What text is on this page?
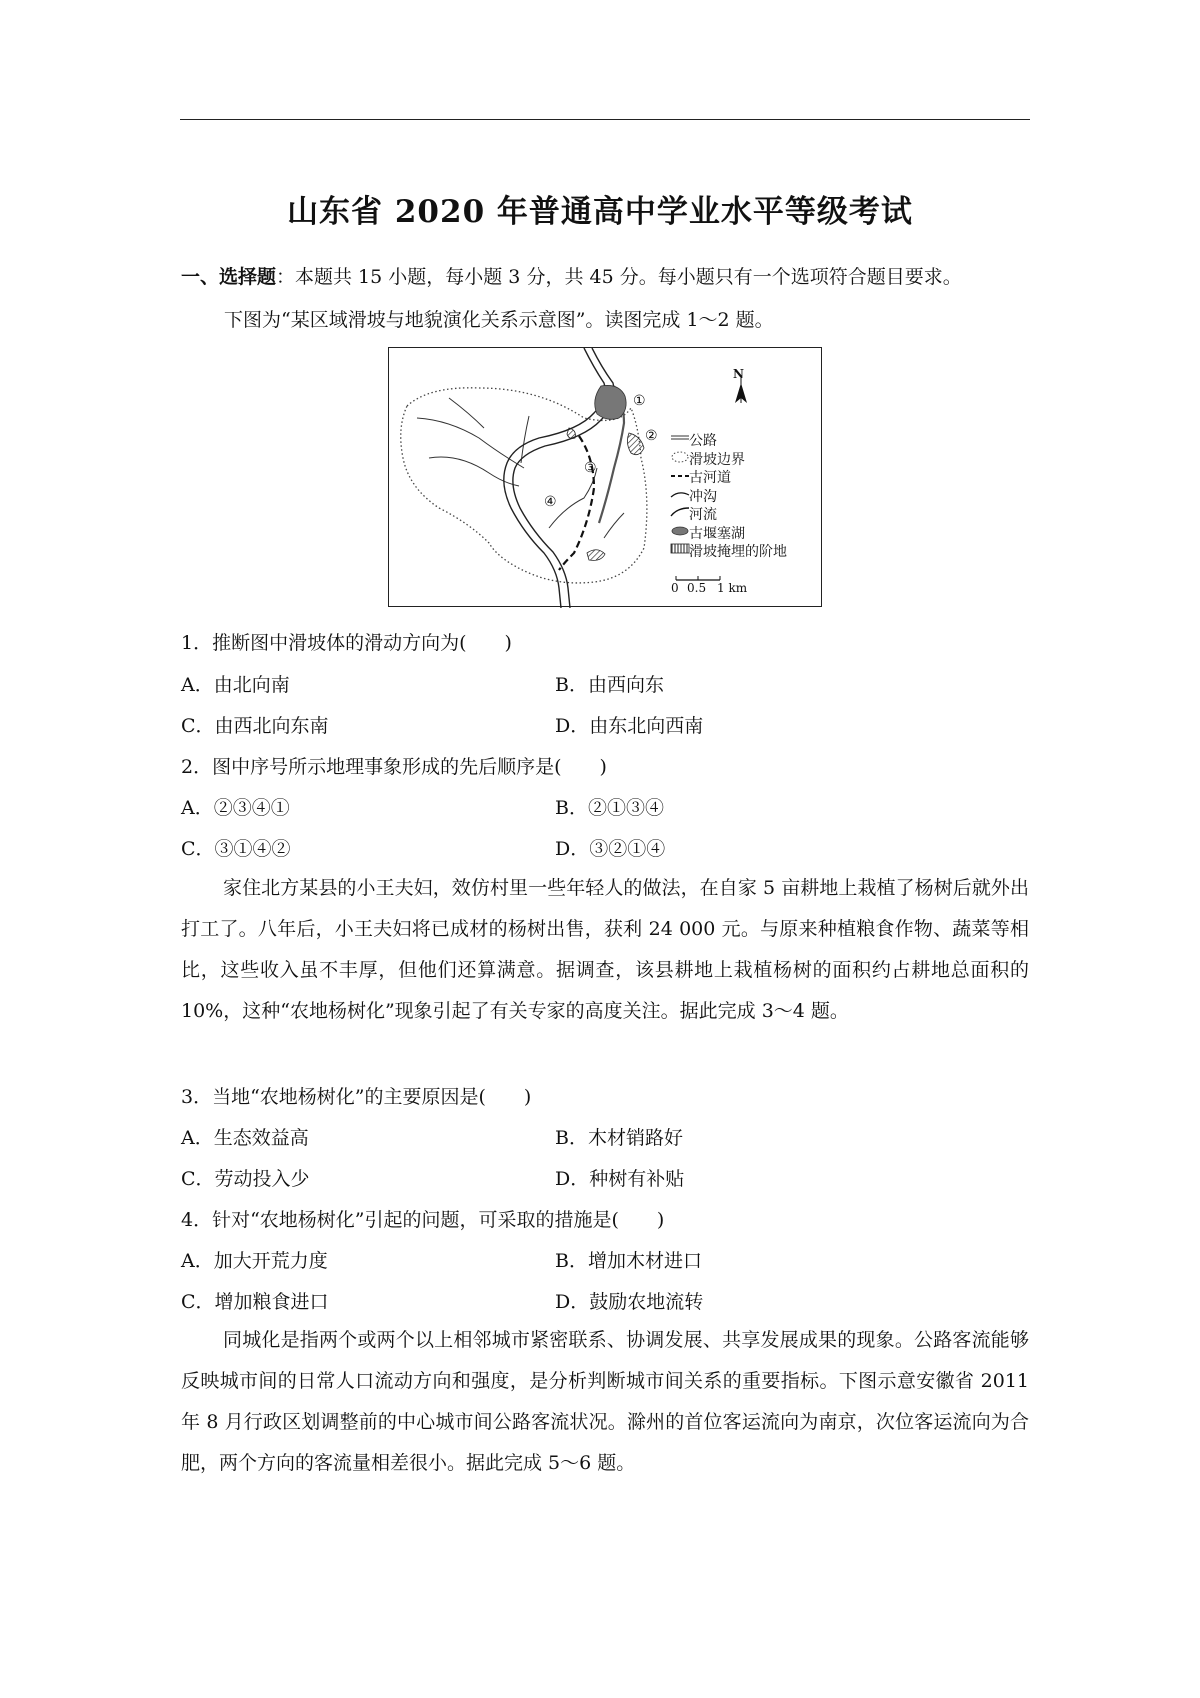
山东省 2020 年普通高中学业水平等级考试
一、选择题：本题共 15 小题，每小题 3 分，共 45 分。每小题只有一个选项符合题目要求。
下图为“某区域滑坡与地貌演化关系示意图”。读图完成 1～2 题。
N
①
②
③
④
公路
滑坡边界
古河道
冲沟
河流
古堰塞湖
滑坡掩埋的阶地
0 0.5 1 km
1．推断图中滑坡体的滑动方向为(　　)
A．由北向南	B．由西向东
C．由西北向东南	D．由东北向西南
2．图中序号所示地理事象形成的先后顺序是(　　)
A．②③④①	B．②①③④
C．③①④②	D．③②①④
家住北方某县的小王夫妇，效仿村里一些年轻人的做法，在自家 5 亩耕地上栽植了杨树后就外出打工了。八年后，小王夫妇将已成材的杨树出售，获利 24 000 元。与原来种植粮食作物、蔬菜等相比，这些收入虽不丰厚，但他们还算满意。据调查，该县耕地上栽植杨树的面积约占耕地总面积的 10%，这种“农地杨树化”现象引起了有关专家的高度关注。据此完成 3～4 题。
3．当地“农地杨树化”的主要原因是(　　)
A．生态效益高	B．木材销路好
C．劳动投入少	D．种树有补贴
4．针对“农地杨树化”引起的问题，可采取的措施是(　　)
A．加大开荒力度	B．增加木材进口
C．增加粮食进口	D．鼓励农地流转
同城化是指两个或两个以上相邻城市紧密联系、协调发展、共享发展成果的现象。公路客流能够反映城市间的日常人口流动方向和强度，是分析判断城市间关系的重要指标。下图示意安徽省 2011 年 8 月行政区划调整前的中心城市间公路客流状况。滁州的首位客运流向为南京，次位客运流向为合肥，两个方向的客流量相差很小。据此完成 5～6 题。
